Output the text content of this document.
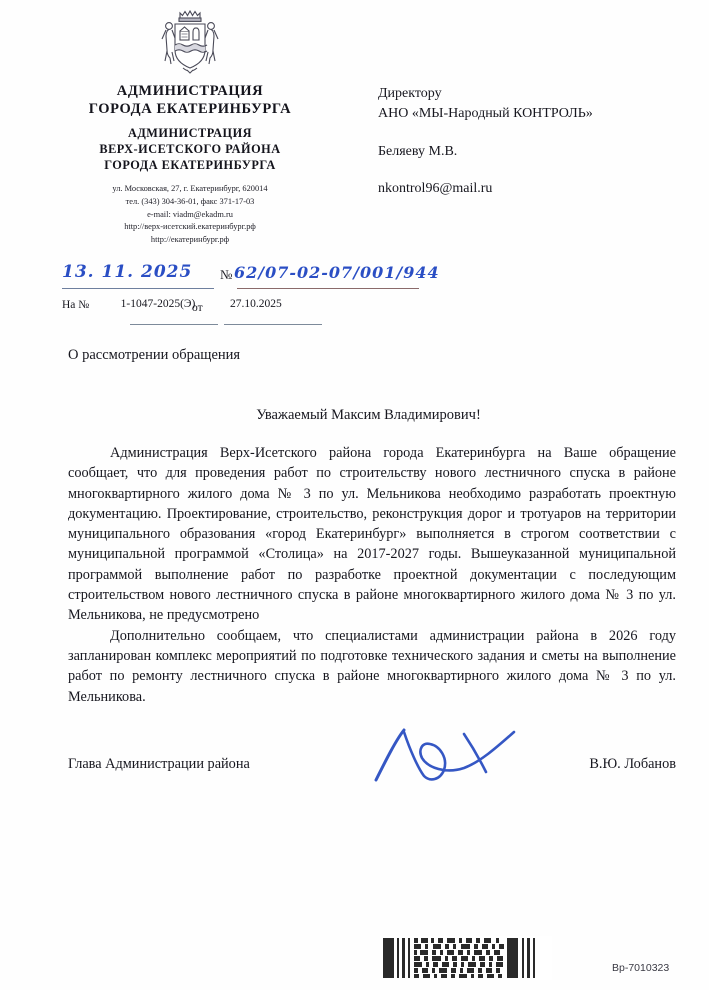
АДМИНИСТРАЦИЯ
ГОРОДА ЕКАТЕРИНБУРГА
АДМИНИСТРАЦИЯ
ВЕРХ-ИСЕТСКОГО РАЙОНА
ГОРОДА ЕКАТЕРИНБУРГА
ул. Московская, 27, г. Екатеринбург, 620014
тел. (343) 304-36-01, факс 371-17-03
e-mail: viadm@ekadm.ru
http://верх-исетский.екатеринбург.рф
http://екатеринбург.рф
Директору
АНО «МЫ-Народный КОНТРОЛЬ»
Беляеву М.В.
nkontrol96@mail.ru
13. 11. 2025 № 62/07-02-07/001/944
На №	1-1047-2025(Э)
от 27.10.2025
О рассмотрении обращения
Уважаемый Максим Владимирович!

Администрация Верх-Исетского района города Екатеринбурга на Ваше обращение сообщает, что для проведения работ по строительству нового лестничного спуска в районе многоквартирного жилого дома № 3 по ул. Мельникова необходимо разработать проектную документацию. Проектирование, строительство, реконструкция дорог и тротуаров на территории муниципального образования «город Екатеринбург» выполняется в строгом соответствии с муниципальной программой «Столица» на 2017-2027 годы. Вышеуказанной муниципальной программой выполнение работ по разработке проектной документации с последующим строительством нового лестничного спуска в районе многоквартирного жилого дома № 3 по ул. Мельникова, не предусмотрено

Дополнительно сообщаем, что специалистами администрации района в 2026 году запланирован комплекс мероприятий по подготовке технического задания и сметы на выполнение работ по ремонту лестничного спуска в районе многоквартирного жилого дома № 3 по ул. Мельникова.

Глава Администрации района	В.Ю. Лобанов
Вр-7010323
